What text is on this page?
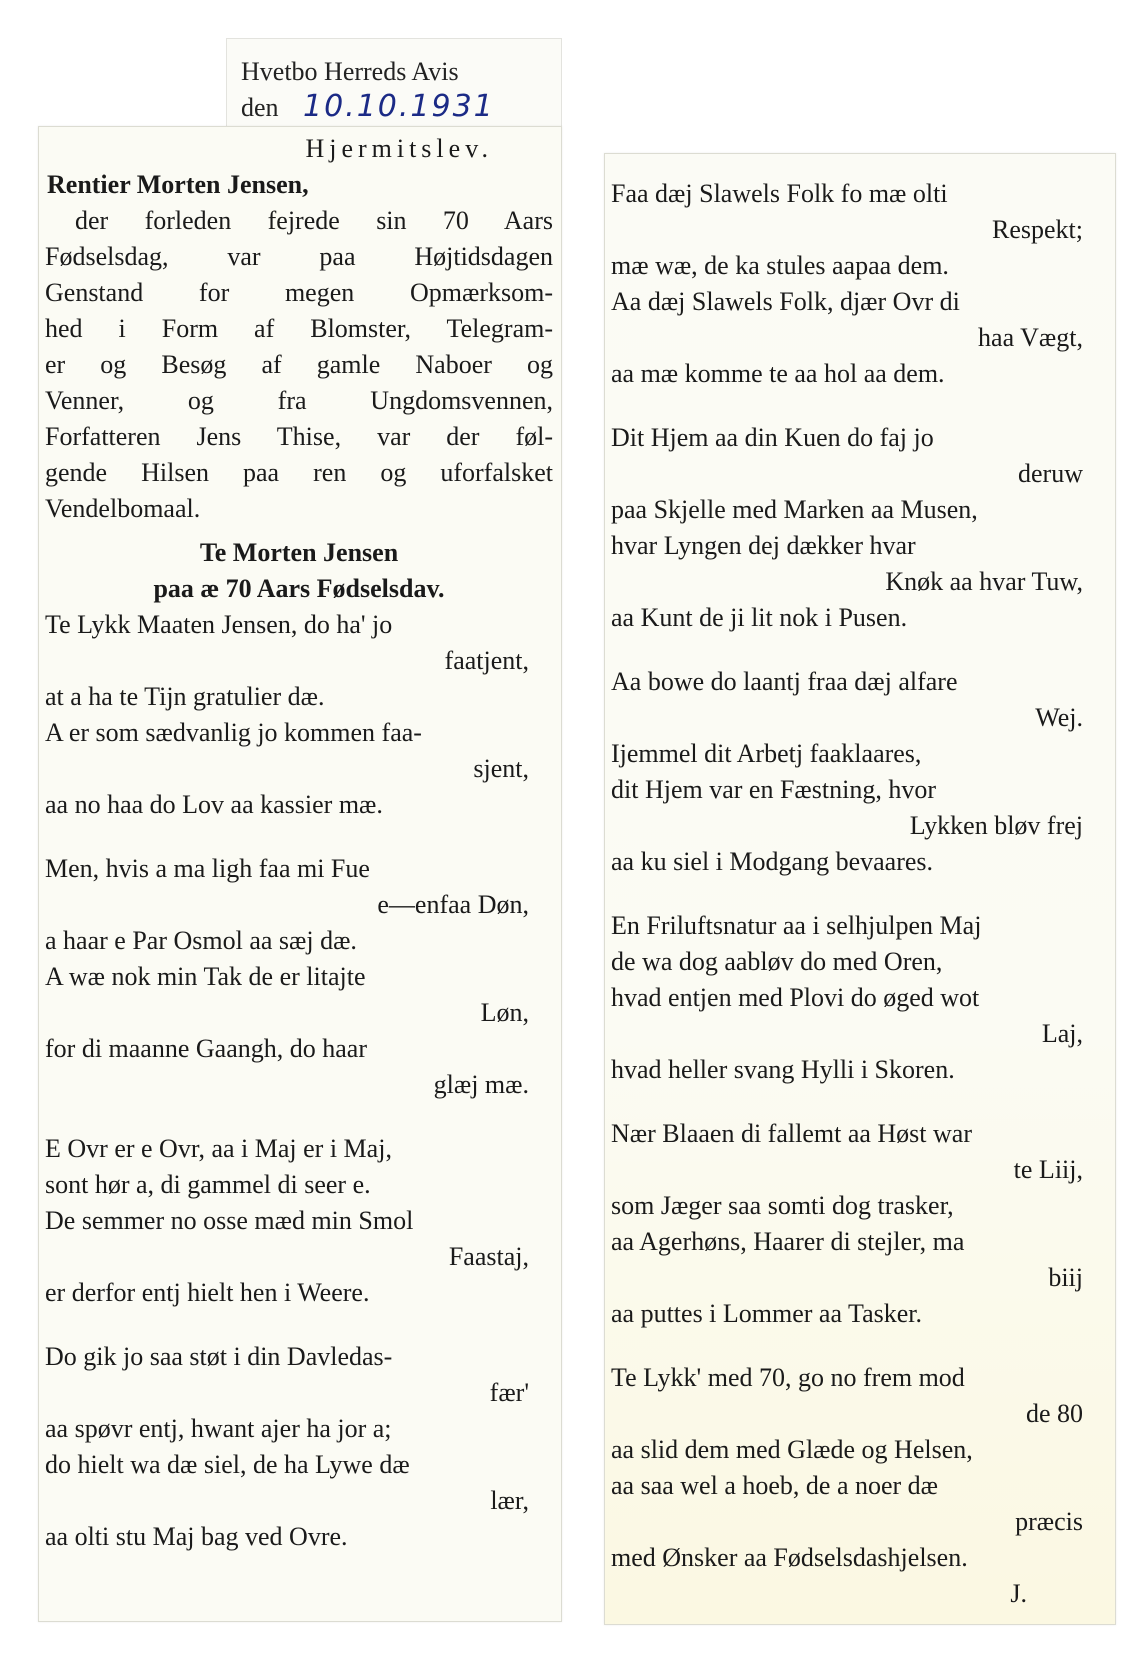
Hvetbo Herreds Avis
den 10.10.1931
Hjermitslev.
Rentier Morten Jensen,
der forleden fejrede sin 70 Aars
Fødselsdag, var paa Højtidsdagen
Genstand for megen Opmærksom-
hed i Form af Blomster, Telegram-
er og Besøg af gamle Naboer og
Venner, og fra Ungdomsvennen,
Forfatteren Jens Thise, var der føl-
gende Hilsen paa ren og uforfalsket
Vendelbomaal.
Te Morten Jensen
paa æ 70 Aars Fødselsdav.
Te Lykk Maaten Jensen, do ha' jo
faatjent,
at a ha te Tijn gratulier dæ.
A er som sædvanlig jo kommen faa-
sjent,
aa no haa do Lov aa kassier mæ.
Men, hvis a ma ligh faa mi Fue
e—enfaa Døn,
a haar e Par Osmol aa sæj dæ.
A wæ nok min Tak de er litajte
Løn,
for di maanne Gaangh, do haar
glæj mæ.
E Ovr er e Ovr, aa i Maj er i Maj,
sont hør a, di gammel di seer e.
De semmer no osse mæd min Smol
Faastaj,
er derfor entj hielt hen i Weere.
Do gik jo saa støt i din Davledas-
fær'
aa spøvr entj, hwant ajer ha jor a;
do hielt wa dæ siel, de ha Lywe dæ
lær,
aa olti stu Maj bag ved Ovre.
Faa dæj Slawels Folk fo mæ olti
Respekt;
mæ wæ, de ka stules aapaa dem.
Aa dæj Slawels Folk, djær Ovr di
haa Vægt,
aa mæ komme te aa hol aa dem.
Dit Hjem aa din Kuen do faj jo
deruw
paa Skjelle med Marken aa Musen,
hvar Lyngen dej dækker hvar
Knøk aa hvar Tuw,
aa Kunt de ji lit nok i Pusen.
Aa bowe do laantj fraa dæj alfare
Wej.
Ijemmel dit Arbetj faaklaares,
dit Hjem var en Fæstning, hvor
Lykken bløv frej
aa ku siel i Modgang bevaares.
En Friluftsnatur aa i selhjulpen Maj
de wa dog aabløv do med Oren,
hvad entjen med Plovi do øged wot
Laj,
hvad heller svang Hylli i Skoren.
Nær Blaaen di fallemt aa Høst war
te Liij,
som Jæger saa somti dog trasker,
aa Agerhøns, Haarer di stejler, ma
biij
aa puttes i Lommer aa Tasker.
Te Lykk' med 70, go no frem mod
de 80
aa slid dem med Glæde og Helsen,
aa saa wel a hoeb, de a noer dæ
præcis
med Ønsker aa Fødselsdashjelsen.
J.
